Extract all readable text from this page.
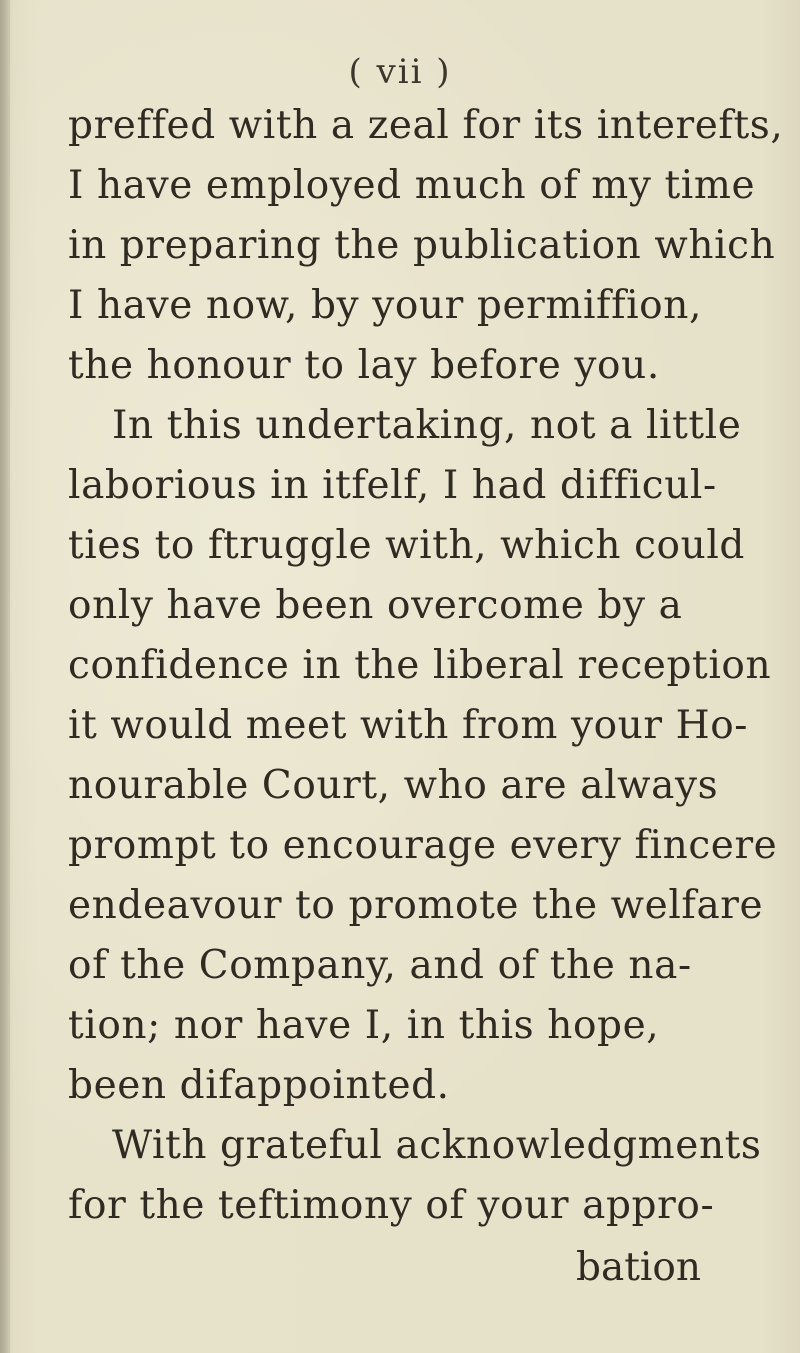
( vii )
preffed with a zeal for its interefts,
I have employed much of my time
in preparing the publication which
I have now, by your permiffion,
the honour to lay before you.
In this undertaking, not a little
laborious in itfelf, I had difficul-
ties to ftruggle with, which could
only have been overcome by a
confidence in the liberal reception
it would meet with from your Ho-
nourable Court, who are always
prompt to encourage every fincere
endeavour to promote the welfare
of the Company, and of the na-
tion; nor have I, in this hope,
been difappointed.
With grateful acknowledgments
for the teftimony of your appro-
bation
